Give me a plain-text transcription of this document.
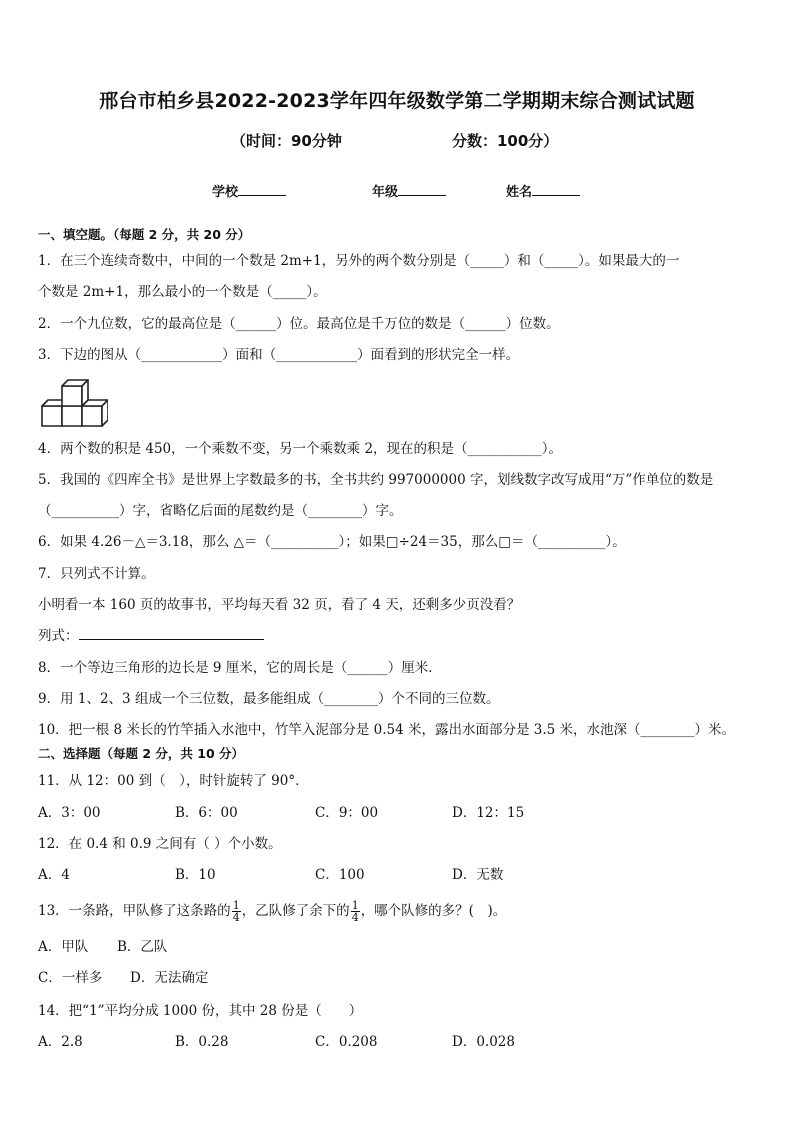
邢台市柏乡县2022-2023学年四年级数学第二学期期末综合测试试题
（时间：90分钟	分数：100分）
学校	年级	姓名
一、填空题。（每题 2 分，共 20 分）
1．在三个连续奇数中，中间的一个数是 2m+1，另外的两个数分别是（_____）和（_____）。如果最大的一
个数是 2m+1，那么最小的一个数是（_____）。
2．一个九位数，它的最高位是（______）位。最高位是千万位的数是（______）位数。
3．下边的图从（____________）面和（____________）面看到的形状完全一样。
4．两个数的积是 450，一个乘数不变，另一个乘数乘 2，现在的积是（___________）。
5．我国的《四库全书》是世界上字数最多的书，全书共约 997000000 字，划线数字改写成用“万”作单位的数是
（__________）字，省略亿后面的尾数约是（________）字。
6．如果 4.26－△＝3.18，那么 △＝（__________）；如果□÷24＝35，那么□＝（__________）。
7．只列式不计算。
小明看一本 160 页的故事书，平均每天看 32 页，看了 4 天，还剩多少页没看？
列式：
8．一个等边三角形的边长是 9 厘米，它的周长是（______）厘米．
9．用 1、2、3 组成一个三位数，最多能组成（________）个不同的三位数。
10．把一根 8 米长的竹竿插入水池中，竹竿入泥部分是 0.54 米，露出水面部分是 3.5 米，水池深（________）米。
二、选择题（每题 2 分，共 10 分）
11．从 12：00 到（　），时针旋转了 90°．
A．3：00	B．6：00	C．9：00	D．12：15
12．在 0.4 和 0.9 之间有（ ）个小数。
A．4	B．10	C．100	D．无数
13．一条路，甲队修了这条路的 $\frac{1}{4}$ ，乙队修了余下的 $\frac{1}{4}$ ，哪个队修的多？(　)。
A．甲队 B．乙队
C．一样多 D．无法确定
14．把“1”平均分成 1000 份，其中 28 份是（　　）
A．2.8	B．0.28	C．0.208	D．0.028
